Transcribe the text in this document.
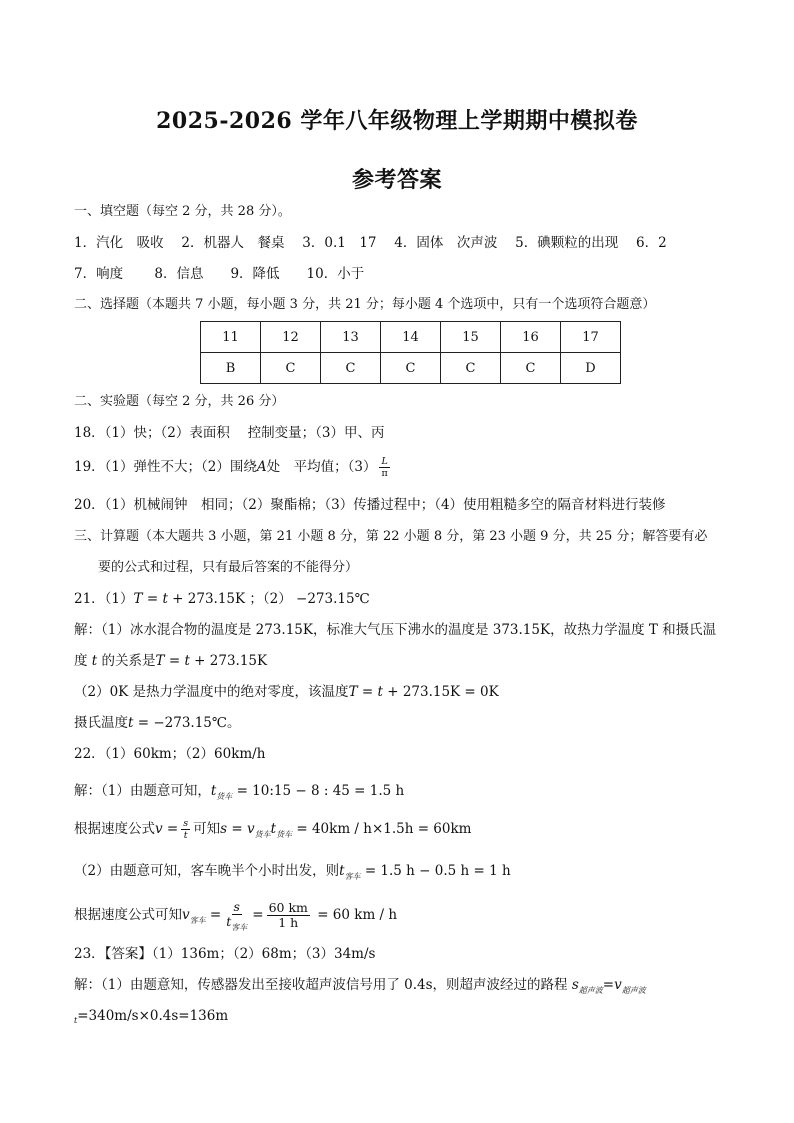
2025-2026 学年八年级物理上学期期中模拟卷
参考答案
一、填空题（每空 2 分，共 28 分）。
1．汽化　吸收　 2．机器人　餐桌　 3．0.1　17　 4．固体　次声波　 5．碘颗粒的出现　 6．2
7．响度　　 8．信息　　9．降低　　10．小于
二、选择题（本题共 7 小题，每小题 3 分，共 21 分；每小题 4 个选项中，只有一个选项符合题意）
11	12	13	14	15	16	17
B	C	C	C	C	C	D
二、实验题（每空 2 分，共 26 分）
18．（1）快；（2）表面积　 控制变量；（3）甲、丙
19．（1）弹性不大；（2）围绕A处　平均值；$(3) \frac{L}{\pi}$
20．（1）机械闹钟　相同；（2）聚酯棉；（3）传播过程中；（4）使用粗糙多空的隔音材料进行装修
三、计算题（本大题共 3 小题，第 21 小题 8 分，第 22 小题 8 分，第 23 小题 9 分，共 25 分；解答要有必
要的公式和过程，只有最后答案的不能得分）
21．（1）T = t + 273.15K ；（2） −273.15℃
解：（1）冰水混合物的温度是 273.15K，标准大气压下沸水的温度是 373.15K，故热力学温度 T 和摄氏温
度 t 的关系是T = t + 273.15K
（2）0K 是热力学温度中的绝对零度，该温度T = t + 273.15K = 0K
摄氏温度t = −273.15℃。
22．（1）60km；（2）60km/h
解：（1）由题意可知，$t_{货车}$ = 10:15 − 8 : 45 = 1.5 h
根据速度公式$v = \frac{s}{t}$ 可知$s = v_{货车}t_{货车} = 40km / h\times 1.5h = 60km$
（2）由题意可知，客车晚半个小时出发，则$t_{客车} = 1.5$ h − 0.5 h = 1 h
根据速度公式可知$v_{客车} = \frac{s}{t_{客车}} = \frac{60 km}{1 h} = 60$ km / h
23．【答案】（1）136m；（2）68m；（3）34m/s
解：（1）由题意知，传感器发出至接收超声波信号用了 0.4s，则超声波经过的路程 $s_{超声波}=v_{超声波}$
$_t$=340m/s×0.4s=136m
